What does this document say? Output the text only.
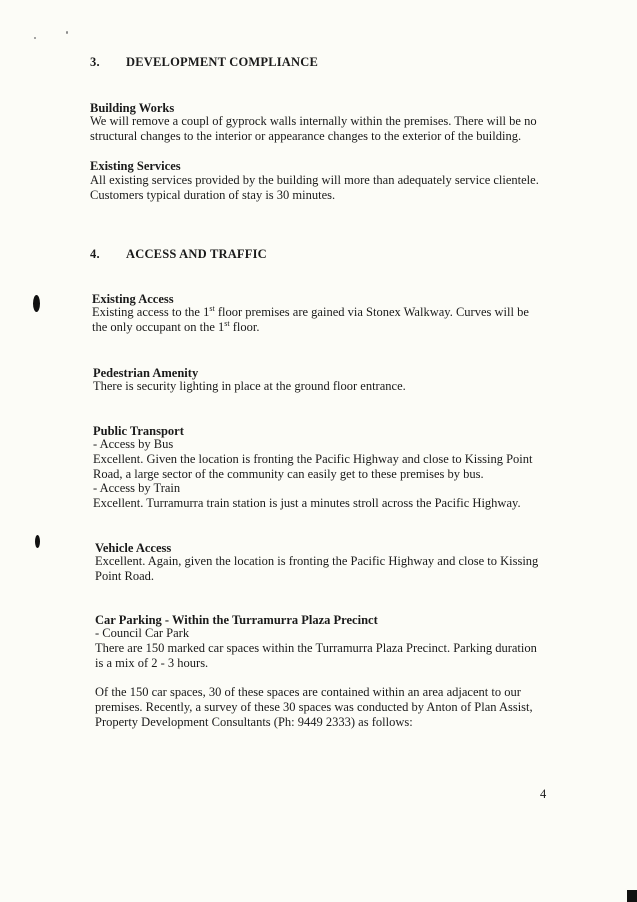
3. DEVELOPMENT COMPLIANCE
Building Works
We will remove a coupl of gyprock walls internally within the premises. There will be no
structural changes to the interior or appearance changes to the exterior of the building.
Existing Services
All existing services provided by the building will more than adequately service clientele.
Customers typical duration of stay is 30 minutes.
4. ACCESS AND TRAFFIC
Existing Access
Existing access to the 1st floor premises are gained via Stonex Walkway. Curves will be
the only occupant on the 1st floor.
Pedestrian Amenity
There is security lighting in place at the ground floor entrance.
Public Transport
- Access by Bus
Excellent. Given the location is fronting the Pacific Highway and close to Kissing Point
Road, a large sector of the community can easily get to these premises by bus.
- Access by Train
Excellent. Turramurra train station is just a minutes stroll across the Pacific Highway.
Vehicle Access
Excellent. Again, given the location is fronting the Pacific Highway and close to Kissing
Point Road.
Car Parking - Within the Turramurra Plaza Precinct
- Council Car Park
There are 150 marked car spaces within the Turramurra Plaza Precinct. Parking duration
is a mix of 2 - 3 hours.
Of the 150 car spaces, 30 of these spaces are contained within an area adjacent to our
premises. Recently, a survey of these 30 spaces was conducted by Anton of Plan Assist,
Property Development Consultants (Ph: 9449 2333) as follows:
4
